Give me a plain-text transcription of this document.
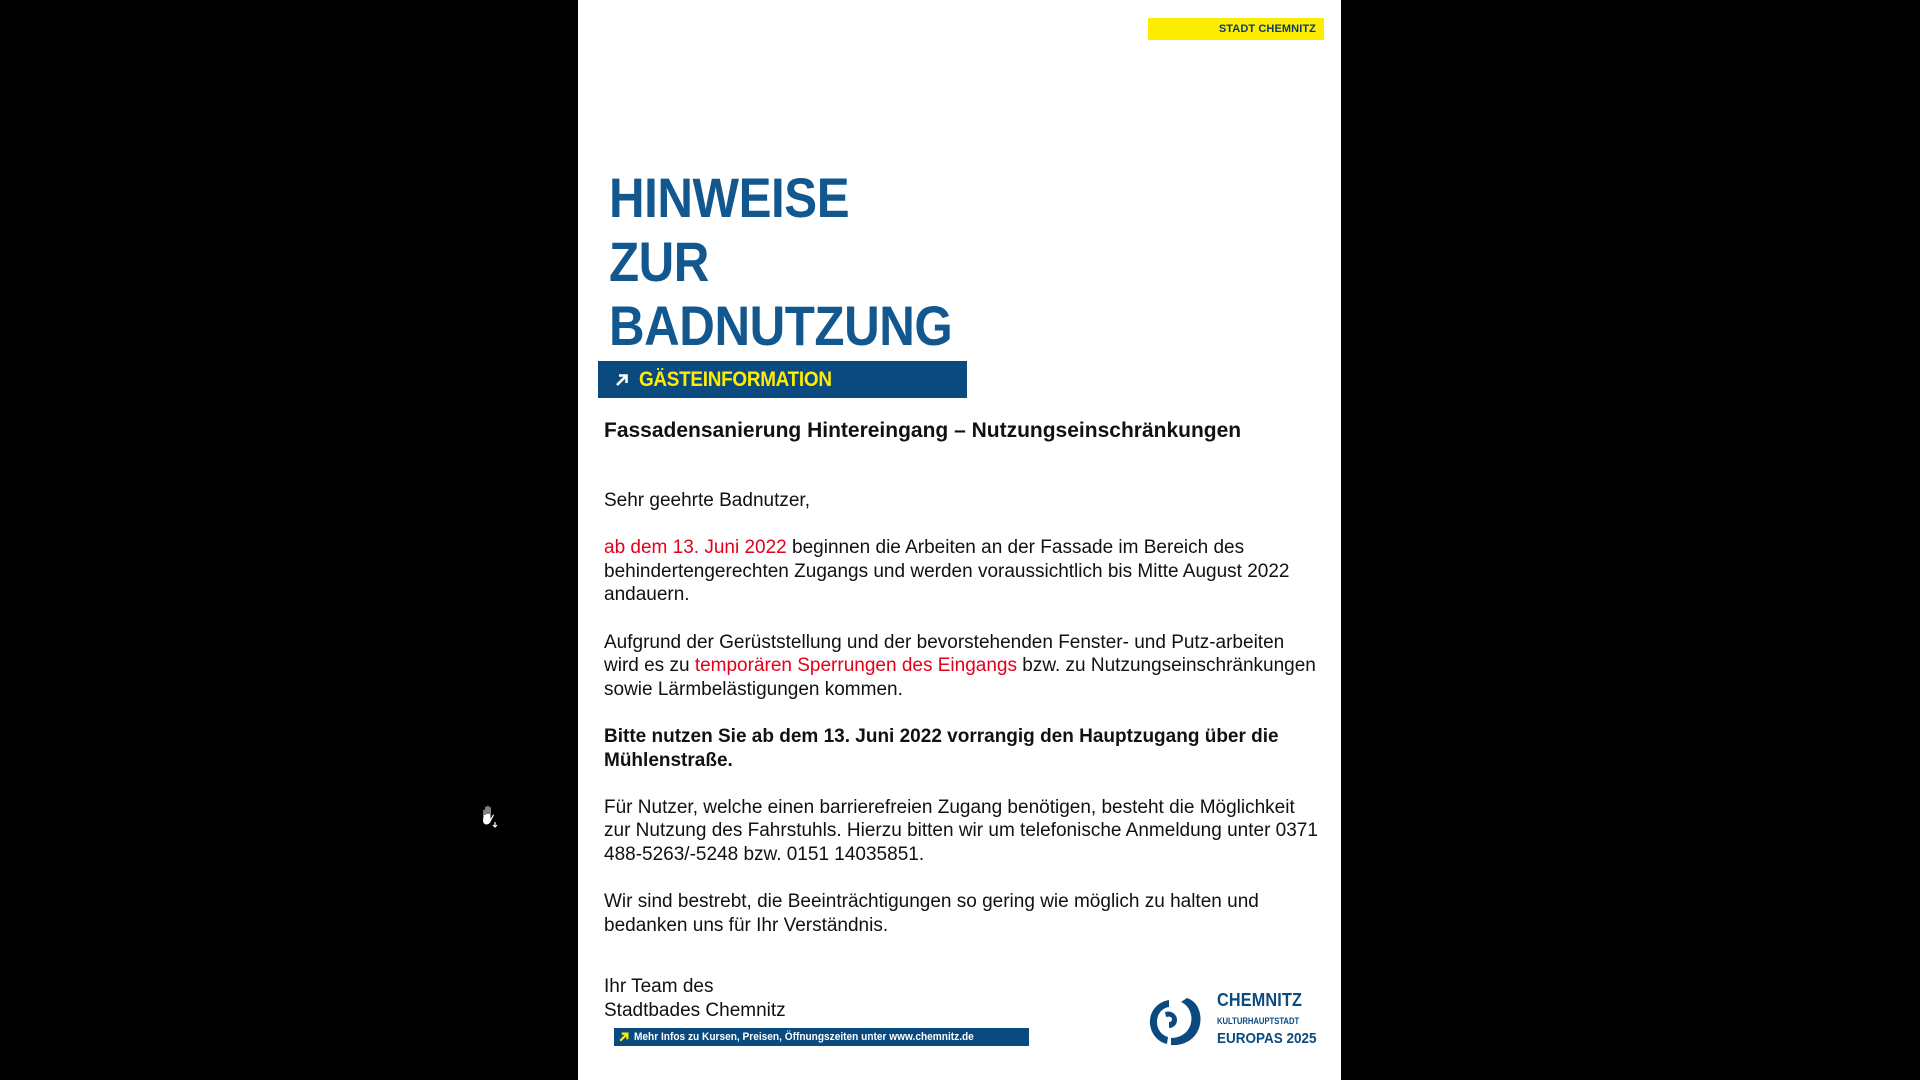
STADT CHEMNITZ
HINWEISE
ZUR
BADNUTZUNG
GÄSTEINFORMATION
Fassadensanierung Hintereingang – Nutzungseinschränkungen

Sehr geehrte Badnutzer,

ab dem 13. Juni 2022 beginnen die Arbeiten an der Fassade im Bereich des behindertengerechten Zugangs und werden voraussichtlich bis Mitte August 2022 andauern.

Aufgrund der Gerüststellung und der bevorstehenden Fenster- und Putz-arbeiten wird es zu temporären Sperrungen des Eingangs bzw. zu Nutzungseinschränkungen sowie Lärmbelästigungen kommen.

Bitte nutzen Sie ab dem 13. Juni 2022 vorrangig den Hauptzugang über die Mühlenstraße.

Für Nutzer, welche einen barrierefreien Zugang benötigen, besteht die Möglichkeit zur Nutzung des Fahrstuhls. Hierzu bitten wir um telefonische Anmeldung unter 0371 488-5263/-5248 bzw. 0151 14035851.

Wir sind bestrebt, die Beeinträchtigungen so gering wie möglich zu halten und bedanken uns für Ihr Verständnis.

Ihr Team des
Stadtbades Chemnitz
Mehr Infos zu Kursen, Preisen, Öffnungszeiten unter www.chemnitz.de
CHEMNITZ
KULTURHAUPTSTADT
EUROPAS 2025
